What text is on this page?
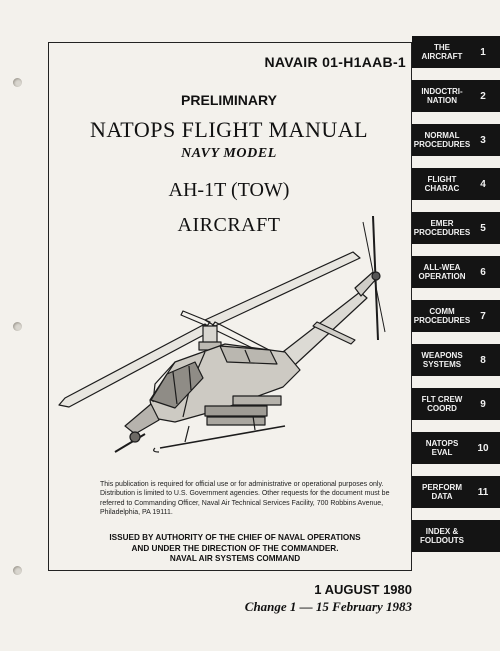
NAVAIR 01-H1AAB-1
PRELIMINARY
NATOPS FLIGHT MANUAL
NAVY MODEL
AH-1T (TOW)
AIRCRAFT
This publication is required for official use or for administrative or operational purposes only. Distribution is limited to U.S. Government agencies. Other requests for the document must be referred to Commanding Officer, Naval Air Technical Services Facility, 700 Robbins Avenue, Philadelphia, PA 19111.
ISSUED BY AUTHORITY OF THE CHIEF OF NAVAL OPERATIONS
AND UNDER THE DIRECTION OF THE COMMANDER.
NAVAL AIR SYSTEMS COMMAND
1 AUGUST 1980
Change 1 — 15 February 1983
THE
AIRCRAFT	1
INDOCTRI-
NATION	2
NORMAL
PROCEDURES	3
FLIGHT
CHARAC	4
EMER
PROCEDURES	5
ALL-WEA
OPERATION	6
COMM
PROCEDURES	7
WEAPONS
SYSTEMS	8
FLT CREW
COORD	9
NATOPS
EVAL	10
PERFORM
DATA	11
INDEX &
FOLDOUTS
